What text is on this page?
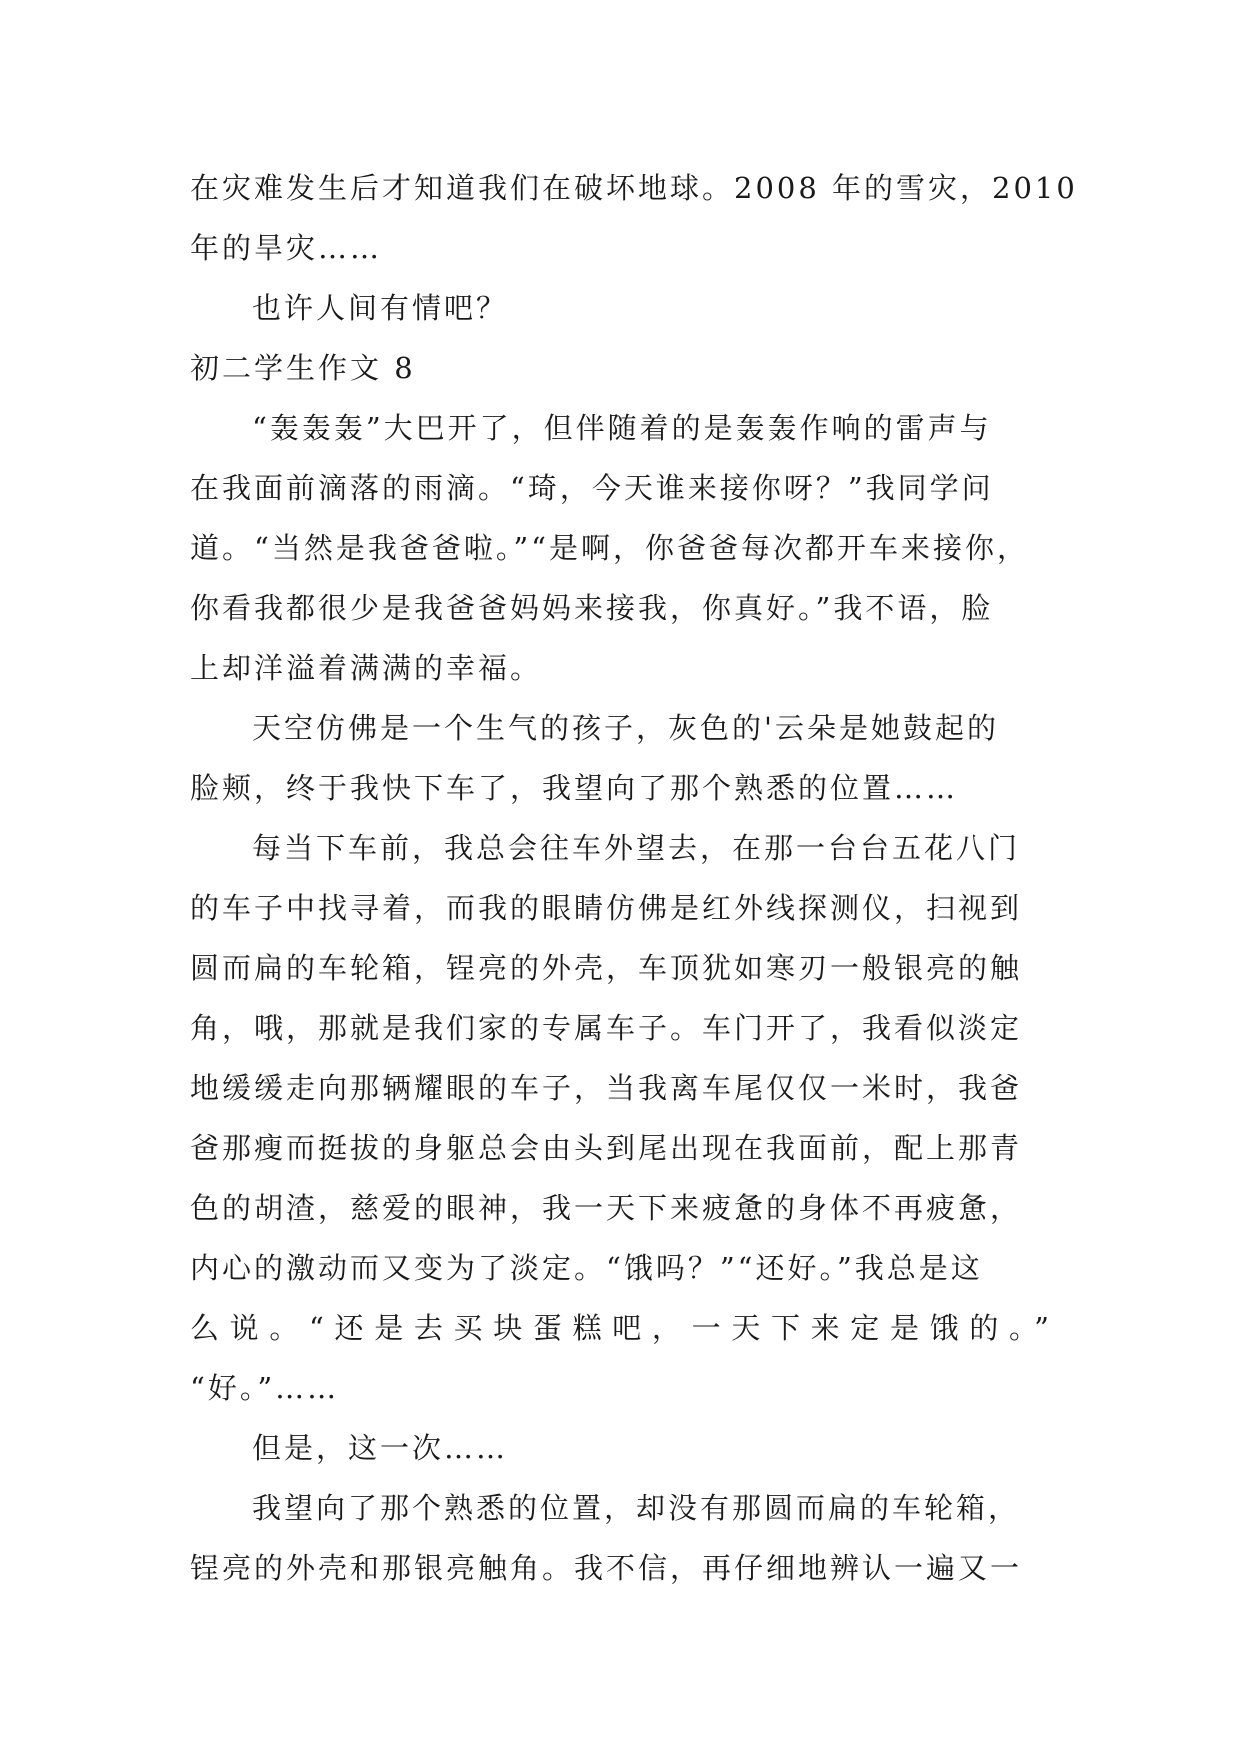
在灾难发生后才知道我们在破坏地球。2008 年的雪灾，2010
年的旱灾……
也许人间有情吧？
初二学生作文 8
“轰轰轰”大巴开了，但伴随着的是轰轰作响的雷声与
在我面前滴落的雨滴。“琦，今天谁来接你呀？”我同学问
道。“当然是我爸爸啦。”“是啊，你爸爸每次都开车来接你，
你看我都很少是我爸爸妈妈来接我，你真好。”我不语，脸
上却洋溢着满满的幸福。
天空仿佛是一个生气的孩子，灰色的'云朵是她鼓起的
脸颊，终于我快下车了，我望向了那个熟悉的位置……
每当下车前，我总会往车外望去，在那一台台五花八门
的车子中找寻着，而我的眼睛仿佛是红外线探测仪，扫视到
圆而扁的车轮箱，锃亮的外壳，车顶犹如寒刃一般银亮的触
角，哦，那就是我们家的专属车子。车门开了，我看似淡定
地缓缓走向那辆耀眼的车子，当我离车尾仅仅一米时，我爸
爸那瘦而挺拔的身躯总会由头到尾出现在我面前，配上那青
色的胡渣，慈爱的眼神，我一天下来疲惫的身体不再疲惫，
内心的激动而又变为了淡定。“饿吗？”“还好。”我总是这
么说。“还是去买块蛋糕吧，一天下来定是饿的。”
“好。”……
但是，这一次……
我望向了那个熟悉的位置，却没有那圆而扁的车轮箱，
锃亮的外壳和那银亮触角。我不信，再仔细地辨认一遍又一
